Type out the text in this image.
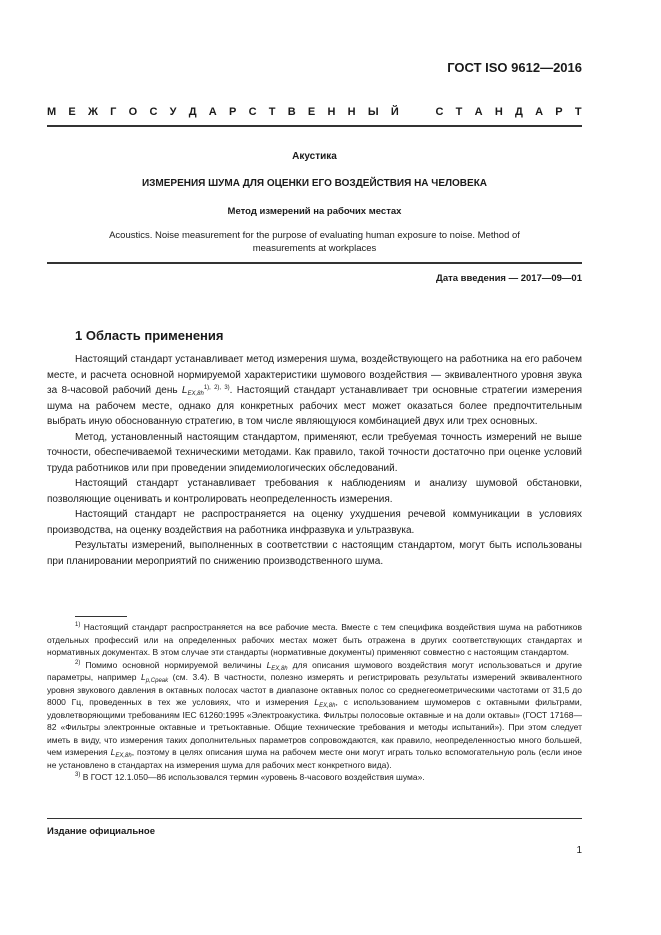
ГОСТ ISO 9612—2016
М Е Ж Г О С У Д А Р С Т В Е Н Н Ы Й	С Т А Н Д А Р Т
Акустика
ИЗМЕРЕНИЯ ШУМА ДЛЯ ОЦЕНКИ ЕГО ВОЗДЕЙСТВИЯ НА ЧЕЛОВЕКА
Метод измерений на рабочих местах
Acoustics. Noise measurement for the purpose of evaluating human exposure to noise. Method of measurements at workplaces
Дата введения — 2017—09—01
1 Область применения

Настоящий стандарт устанавливает метод измерения шума, воздействующего на работника на его рабочем месте, и расчета основной нормируемой характеристики шумового воздействия — эквивалентного уровня звука за 8-часовой рабочий день $L_{EX,8h}^{1), 2), 3)}$. Настоящий стандарт устанавливает три основные стратегии измерения шума на рабочем месте, однако для конкретных рабочих мест может оказаться более предпочтительным выбрать иную обоснованную стратегию, в том числе являющуюся комбинацией двух или трех основных.

Метод, установленный настоящим стандартом, применяют, если требуемая точность измерений не выше точности, обеспечиваемой техническими методами. Как правило, такой точности достаточно при оценке условий труда работников или при проведении эпидемиологических обследований.

Настоящий стандарт устанавливает требования к наблюдениям и анализу шумовой обстановки, позволяющие оценивать и контролировать неопределенность измерения.

Настоящий стандарт не распространяется на оценку ухудшения речевой коммуникации в условиях производства, на оценку воздействия на работника инфразвука и ультразвука.

Результаты измерений, выполненных в соответствии с настоящим стандартом, могут быть использованы при планировании мероприятий по снижению производственного шума.

$^{1)}$ Настоящий стандарт распространяется на все рабочие места. Вместе с тем специфика воздействия шума на работников отдельных профессий или на определенных рабочих местах может быть отражена в других соответствующих стандартах и нормативных документах. В этом случае эти стандарты (нормативные документы) применяют совместно с настоящим стандартом.

$^{2)}$ Помимо основной нормируемой величины $L_{EX,8h}$ для описания шумового воздействия могут использоваться и другие параметры, например $L_{p,Cpeak}$ (см. 3.4). В частности, полезно измерять и регистрировать результаты измерений эквивалентного уровня звукового давления в октавных полосах частот в диапазоне октавных полос со среднегеометрическими частотами от 31,5 до 8000 Гц, проведенных в тех же условиях, что и измерения $L_{EX,8h}$, с использованием шумомеров с октавными фильтрами, удовлетворяющими требованиям IEC 61260:1995 «Электроакустика. Фильтры полосовые октавные и на доли октавы» (ГОСТ 17168—82 «Фильтры электронные октавные и третьоктавные. Общие технические требования и методы испытаний»). При этом следует иметь в виду, что измерения таких дополнительных параметров сопровождаются, как правило, неопределенностью много большей, чем измерения $L_{EX,8h}$, поэтому в целях описания шума на рабочем месте они могут играть только вспомогательную роль (если иное не установлено в стандартах на измерения шума для рабочих мест конкретного вида).

$^{3)}$ В ГОСТ 12.1.050—86 использовался термин «уровень 8-часового воздействия шума».

Издание официальное
1
